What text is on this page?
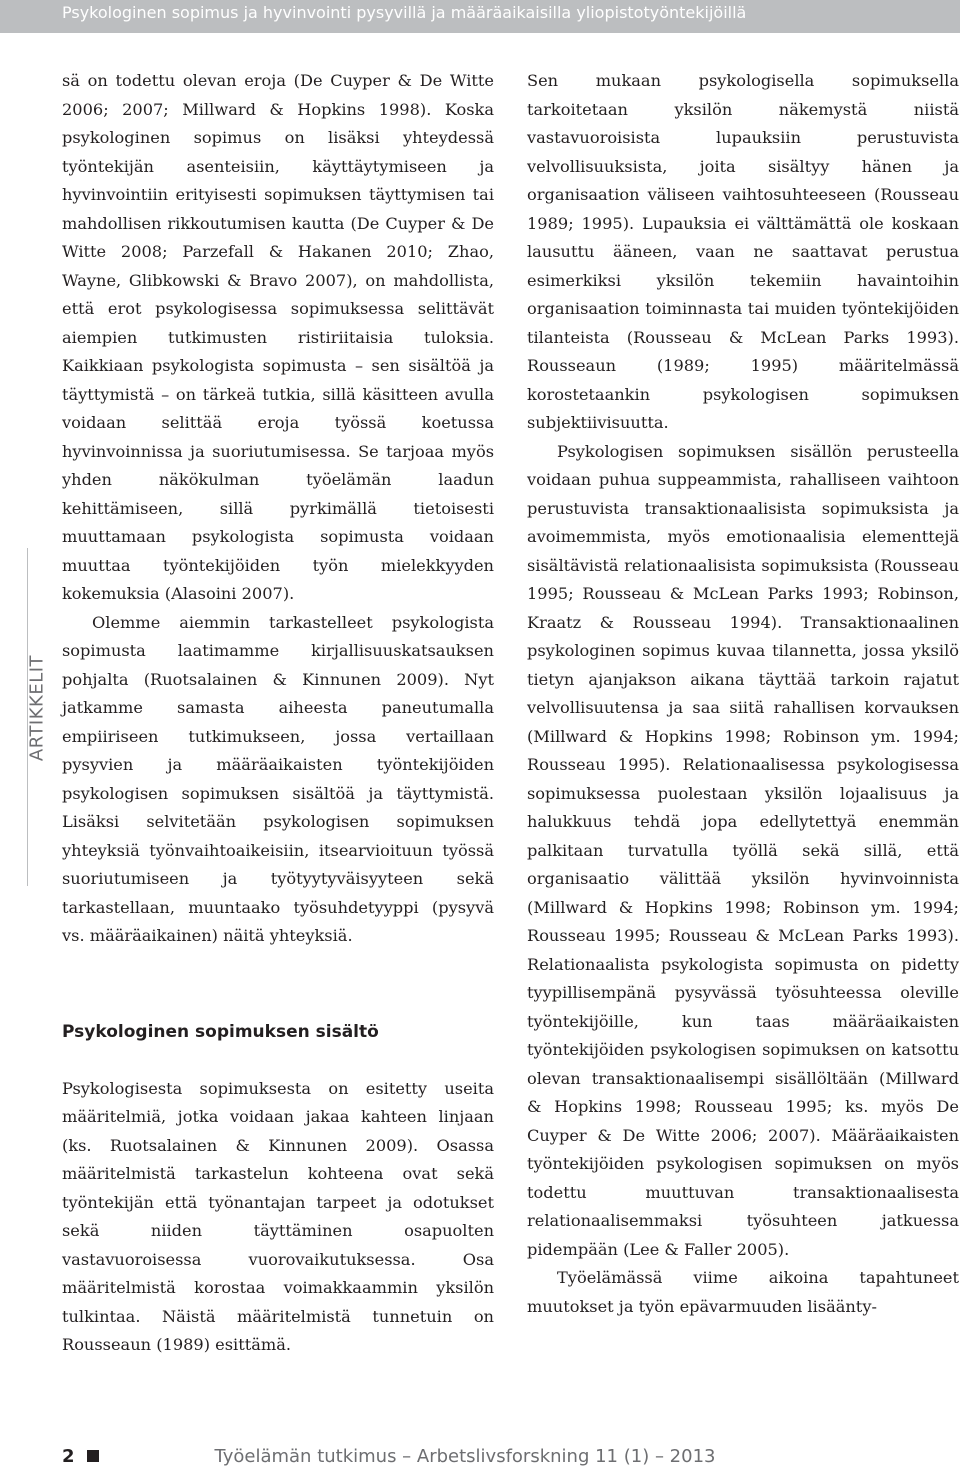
Psykologinen sopimus ja hyvinvointi pysyvillä ja määräaikaisilla yliopistotyöntekijöillä
ARTIKKELIT

sä on todettu olevan eroja (De Cuyper & De Witte 2006; 2007; Millward & Hopkins 1998). Koska psykologinen sopimus on lisäksi yhteydessä työntekijän asenteisiin, käyttäytymiseen ja hyvinvointiin erityisesti sopimuksen täyttymisen tai mahdollisen rikkoutumisen kautta (De Cuyper & De Witte 2008; Parzefall & Hakanen 2010; Zhao, Wayne, Glibkowski & Bravo 2007), on mahdollista, että erot psykologisessa sopimuksessa selittävät aiempien tutkimusten ristiriitaisia tuloksia. Kaikkiaan psykologista sopimusta – sen sisältöä ja täyttymistä – on tärkeä tutkia, sillä käsitteen avulla voidaan selittää eroja työssä koetussa hyvinvoinnissa ja suoriutumisessa. Se tarjoaa myös yhden näkökulman työelämän laadun kehittämiseen, sillä pyrkimällä tietoisesti muuttamaan psykologista sopimusta voidaan muuttaa työntekijöiden työn mielekkyyden kokemuksia (Alasoini 2007).

Olemme aiemmin tarkastelleet psykologista sopimusta laatimamme kirjallisuuskatsauksen pohjalta (Ruotsalainen & Kinnunen 2009). Nyt jatkamme samasta aiheesta paneutumalla empiiriseen tutkimukseen, jossa vertaillaan pysyvien ja määräaikaisten työntekijöiden psykologisen sopimuksen sisältöä ja täyttymistä. Lisäksi selvitetään psykologisen sopimuksen yhteyksiä työnvaihtoaikeisiin, itsearvioituun työssä suoriutumiseen ja työtyytyväisyyteen sekä tarkastellaan, muuntaako työsuhdetyyppi (pysyvä vs. määräaikainen) näitä yhteyksiä.

Psykologinen sopimuksen sisältö

Psykologisesta sopimuksesta on esitetty useita määritelmiä, jotka voidaan jakaa kahteen linjaan (ks. Ruotsalainen & Kinnunen 2009). Osassa määritelmistä tarkastelun kohteena ovat sekä työntekijän että työnantajan tarpeet ja odotukset sekä niiden täyttäminen osapuolten vastavuoroisessa vuorovaikutuksessa. Osa määritelmistä korostaa voimakkaammin yksilön tulkintaa. Näistä määritelmistä tunnetuin on Rousseaun (1989) esittämä.

Sen mukaan psykologisella sopimuksella tarkoitetaan yksilön näkemystä niistä vastavuoroisista lupauksiin perustuvista velvollisuuksista, joita sisältyy hänen ja organisaation väliseen vaihtosuhteeseen (Rousseau 1989; 1995). Lupauksia ei välttämättä ole koskaan lausuttu ääneen, vaan ne saattavat perustua esimerkiksi yksilön tekemiin havaintoihin organisaation toiminnasta tai muiden työntekijöiden tilanteista (Rousseau & McLean Parks 1993). Rousseaun (1989; 1995) määritelmässä korostetaankin psykologisen sopimuksen subjektiivisuutta.

Psykologisen sopimuksen sisällön perusteella voidaan puhua suppeammista, rahalliseen vaihtoon perustuvista transaktionaalisista sopimuksista ja avoimemmista, myös emotionaalisia elementtejä sisältävistä relationaalisista sopimuksista (Rousseau 1995; Rousseau & McLean Parks 1993; Robinson, Kraatz & Rousseau 1994). Transaktionaalinen psykologinen sopimus kuvaa tilannetta, jossa yksilö tietyn ajanjakson aikana täyttää tarkoin rajatut velvollisuutensa ja saa siitä rahallisen korvauksen (Millward & Hopkins 1998; Robinson ym. 1994; Rousseau 1995). Relationaalisessa psykologisessa sopimuksessa puolestaan yksilön lojaalisuus ja halukkuus tehdä jopa edellytettyä enemmän palkitaan turvatulla työllä sekä sillä, että organisaatio välittää yksilön hyvinvoinnista (Millward & Hopkins 1998; Robinson ym. 1994; Rousseau 1995; Rousseau & McLean Parks 1993). Relationaalista psykologista sopimusta on pidetty tyypillisempänä pysyvässä työsuhteessa oleville työntekijöille, kun taas määräaikaisten työntekijöiden psykologisen sopimuksen on katsottu olevan transaktionaalisempi sisällöltään (Millward & Hopkins 1998; Rousseau 1995; ks. myös De Cuyper & De Witte 2006; 2007). Määräaikaisten työntekijöiden psykologisen sopimuksen on myös todettu muuttuvan transaktionaalisesta relationaalisemmaksi työsuhteen jatkuessa pidempään (Lee & Faller 2005).

Työelämässä viime aikoina tapahtuneet muutokset ja työn epävarmuuden lisäänty-

2	Työelämän tutkimus – Arbetslivsforskning 11 (1) – 2013
